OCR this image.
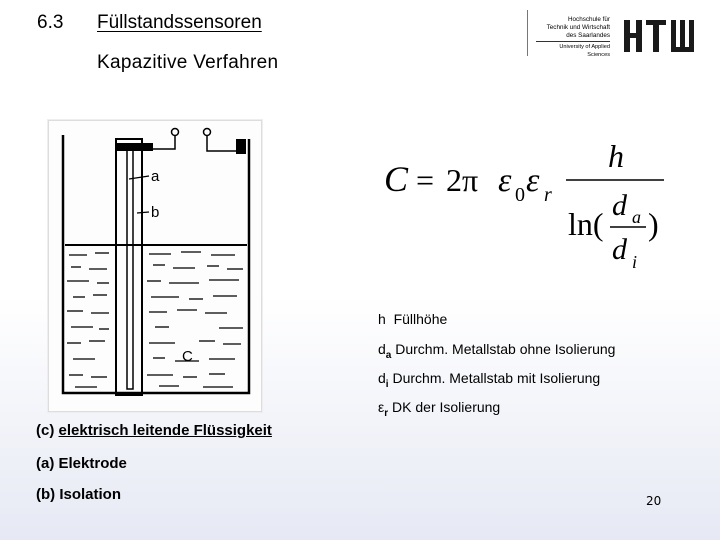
6.3 Füllstandssensoren
Kapazitive Verfahren
Hochschule für
Technik und Wirtschaft
des Saarlandes
University of Applied Sciences
a
b
C
C = 2π ε 0 ε r
h
ln(
d a
d i
)
h Füllhöhe
$d_a$ Durchm. Metallstab ohne Isolierung
$d_i$ Durchm. Metallstab mit Isolierung
$\varepsilon_r$ DK der Isolierung
(c) elektrisch leitende Flüssigkeit
(a) Elektrode
(b) Isolation	20
